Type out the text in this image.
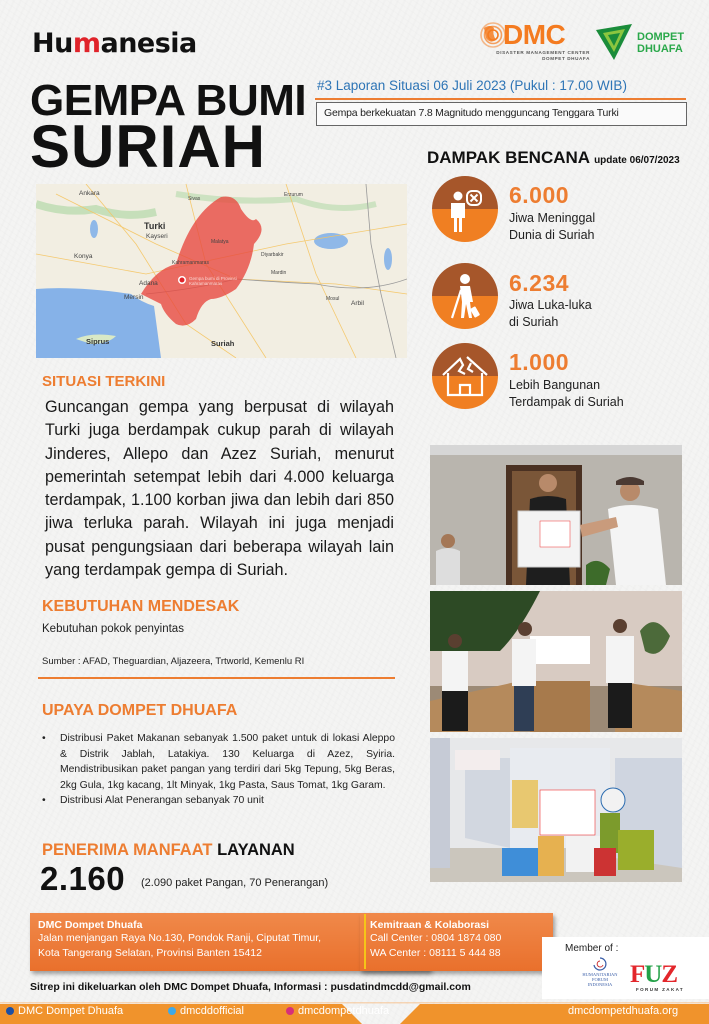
Humanesia	DMC
DISASTER MANAGEMENT CENTER
DOMPET DHUAFA
DOMPET
DHUAFA
GEMPA BUMI
SURIAH
#3 Laporan Situasi 06 Juli 2023 (Pukul : 17.00 WIB)
Gempa berkekuatan 7.8 Magnitudo mengguncang Tenggara Turki
DAMPAK BENCANA update 06/07/2023
6.000
Jiwa Meninggal
Dunia di Suriah
6.234
Jiwa Luka-luka
di Suriah
1.000
Lebih Bangunan
Terdampak di Suriah
Ankara
Turki
Kayseri
Konya
Adana
Mersin
Kahramanmaras
Malatya
Diyarbakir
Mardin
Sivas
Erzurum
Mosul
Arbil
Siprus	Suriah
Gempa bumi di Provinsi Kahramanmaras
SITUASI TERKINI
Guncangan gempa yang berpusat di wilayah Turki juga berdampak cukup parah di wilayah Jinderes, Allepo dan Azez Suriah, menurut pemerintah setempat lebih dari 4.000 keluarga terdampak, 1.100 korban jiwa dan lebih dari 850 jiwa terluka parah. Wilayah ini juga menjadi pusat pengungsiaan dari beberapa wilayah lain yang terdampak gempa di Suriah.
KEBUTUHAN MENDESAK
Kebutuhan pokok penyintas
Sumber : AFAD, Theguardian, Aljazeera, Trtworld, Kemenlu RI
UPAYA DOMPET DHUAFA
• Distribusi Paket Makanan sebanyak 1.500 paket untuk di lokasi Aleppo & Distrik Jablah, Latakiya. 130 Keluarga di Azez, Syiria. Mendistribusikan paket pangan yang terdiri dari 5kg Tepung, 5kg Beras, 2kg Gula, 1kg kacang, 1lt Minyak, 1kg Pasta, Saus Tomat, 1kg Garam.
• Distribusi Alat Penerangan sebanyak 70 unit
PENERIMA MANFAAT LAYANAN
2.160 (2.090 paket Pangan, 70 Penerangan)
DMC Dompet Dhuafa
Jalan menjangan Raya No.130, Pondok Ranji, Ciputat Timur,
Kota Tangerang Selatan, Provinsi Banten 15412
Kemitraan & Kolaborasi
Call Center : 0804 1874 080
WA Center : 08111 5 444 88	Member of :
HUMANITARIAN
FORUM
INDONESIA FUZ
FORUM ZAKAT
Sitrep ini dikeluarkan oleh DMC Dompet Dhuafa, Informasi : pusdatindmcdd@gmail.com
DMC Dompet Dhuafa	dmcddofficial	dmcdompetdhuafa	dmcdompetdhuafa.org
